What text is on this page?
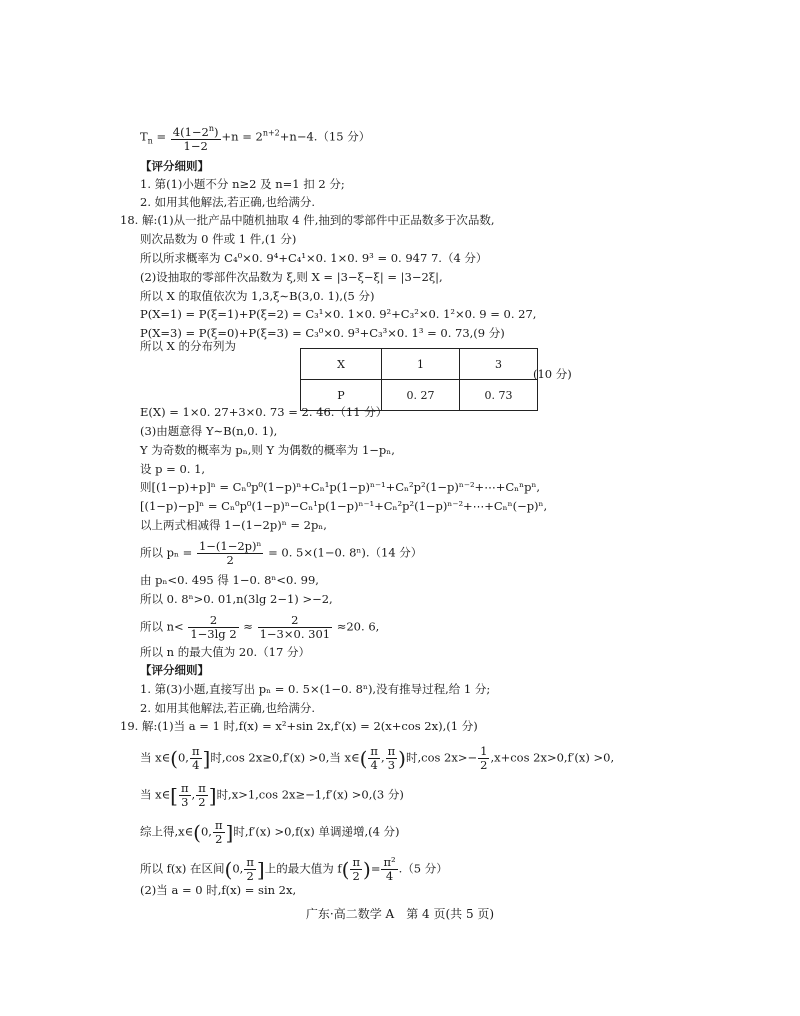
$T_n = \frac{4(1-2^n)}{1-2} +n = 2^{n+2}+n-4.(15$ 分）
【评分细则】
1. 第(1)小题不分 n≥2 及 n=1 扣 2 分;
2. 如用其他解法,若正确,也给满分.
18. 解:(1)从一批产品中随机抽取 4 件,抽到的零部件中正品数多于次品数,
则次品数为 0 件或 1 件,(1 分)
所以所求概率为 C₄⁰×0. 9⁴+C₄¹×0. 1×0. 9³ = 0. 947 7.（4 分）
(2)设抽取的零部件次品数为 ξ,则 X = |3−ξ−ξ| = |3−2ξ|,
所以 X 的取值依次为 1,3,ξ∼B(3,0. 1),(5 分)
P(X=1) = P(ξ=1)+P(ξ=2) = C₃¹×0. 1×0. 9²+C₃²×0. 1²×0. 9 = 0. 27,
P(X=3) = P(ξ=0)+P(ξ=3) = C₃⁰×0. 9³+C₃³×0. 1³ = 0. 73,(9 分)
所以 X 的分布列为
X	1	3
P	0. 27	0. 73
(10 分)
E(X) = 1×0. 27+3×0. 73 = 2. 46.（11 分）
(3)由题意得 Y∼B(n,0. 1),
Y 为奇数的概率为 pₙ,则 Y 为偶数的概率为 1−pₙ,
设 p = 0. 1,
则[(1−p)+p]ⁿ = Cₙ⁰p⁰(1−p)ⁿ+Cₙ¹p(1−p)ⁿ⁻¹+Cₙ²p²(1−p)ⁿ⁻²+⋯+Cₙⁿpⁿ,
[(1−p)−p]ⁿ = Cₙ⁰p⁰(1−p)ⁿ−Cₙ¹p(1−p)ⁿ⁻¹+Cₙ²p²(1−p)ⁿ⁻²+⋯+Cₙⁿ(−p)ⁿ,
以上两式相减得 1−(1−2p)ⁿ = 2pₙ,
所以 $p_n = \frac{\text{1−(1−2p)ⁿ}}{2} = 0$. 5×(1−0. 8ⁿ).（14 分）
由 pₙ<0. 495 得 1−0. 8ⁿ<0. 99,
所以 0. 8ⁿ>0. 01,n(3lg 2−1) >−2,
所以 $n< \frac{2}{1-3\lg 2} \approx \frac{2}{1-3\times 0. 301} \approx 20$. 6,
所以 n 的最大值为 20.（17 分）
【评分细则】
1. 第(3)小题,直接写出 pₙ = 0. 5×(1−0. 8ⁿ),没有推导过程,给 1 分;
2. 如用其他解法,若正确,也给满分.
19. 解:(1)当 a = 1 时,f(x) = x²+sin 2x,f′(x) = 2(x+cos 2x),(1 分)
当 x∈(0, $\frac{\pi}{4}$ ]时,cos 2x≥0,f′(x) >0,当 x∈( $\frac{\pi}{4}$ , $\frac{\pi}{3}$ )时,cos $2x>- \frac{1}{2} ,x+\cos$ 2x>0,f′(x) >0,
当 x∈[ $\frac{\pi}{3}$ , $\frac{\pi}{2}$ ]时,x>1,cos 2x≥−1,f′(x) >0,(3 分)
综上得,x∈(0, $\frac{\pi}{2}$ ]时,f′(x) >0,f(x) 单调递增,(4 分)
所以 f(x) 在区间(0, $\frac{\pi}{2}$ ]上的最大值为 $f( \frac{\pi}{2}$ )= $\frac{\text{π²}}{4} .(5$ 分）
(2)当 a = 0 时,f(x) = sin 2x,
广东·高二数学 A　第 4 页(共 5 页)
